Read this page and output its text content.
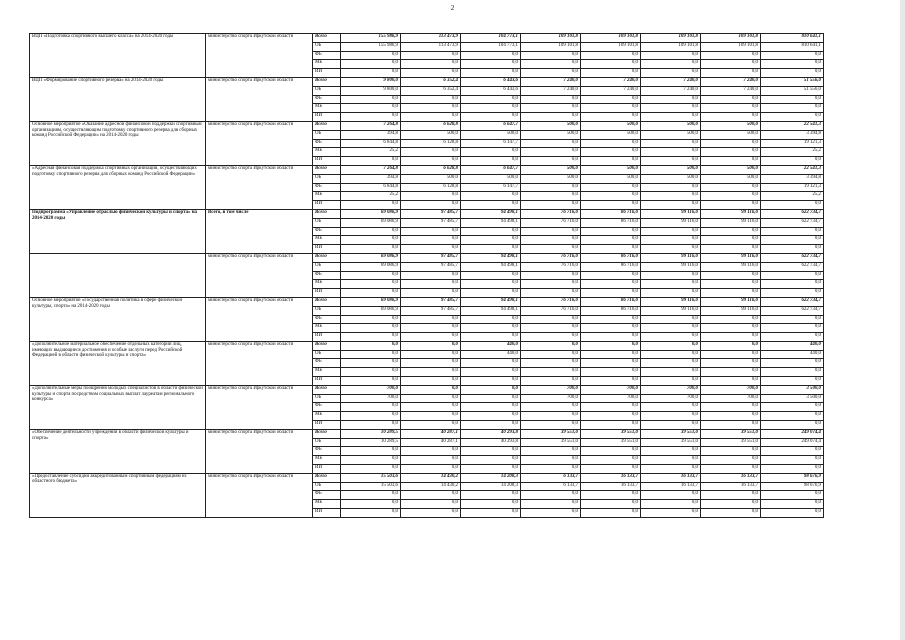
2
ВЦП «Подготовка спортивного высшего класса» на 2014-2020 годы	министерство спорта Иркутской области	Всего	155 986,9	113 473,9	104 773,1	109 101,8	109 101,8	109 101,8	109 101,8	810 641,1
		ОБ	155 986,9	113 473,9	104 773,1	109 101,8	109 101,8	109 101,8	109 101,8	810 641,1
		ФБ	0,0	0,0	0,0	0,0	0,0	0,0	0,0	0,0
		МБ	0,0	0,0	0,0	0,0	0,0	0,0	0,0	0,0
		ИИ	0,0	0,0	0,0	0,0	0,0	0,0	0,0	0,0
ВЦП «Формирование спортивного резерва» на 2014-2020 годы	министерство спорта Иркутской области	Всего	9 800,0	6 352,4	6 443,6	7 240,0	7 240,0	7 240,0	7 240,0	51 556,0
		ОБ	9 800,0	6 352,4	6 443,6	7 240,0	7 240,0	7 240,0	7 240,0	51 556,0
		ФБ	0,0	0,0	0,0	0,0	0,0	0,0	0,0	0,0
		МБ	0,0	0,0	0,0	0,0	0,0	0,0	0,0	0,0
		ИИ	0,0	0,0	0,0	0,0	0,0	0,0	0,0	0,0
Основное мероприятие «Оказание адресной финансовой поддержки спортивным организациям, осуществляющим подготовку спортивного резерва для сборных команд Российской Федерации» на 2014-2020 годы	министерство спорта Иркутской области	Всего	7 264,8	6 628,8	6 647,7	500,0	500,0	500,0	500,0	22 541,3
		ОБ	394,8	500,0	500,0	500,0	500,0	500,0	500,0	3 394,8
		ФБ	6 844,8	6 128,8	6 147,7	0,0	0,0	0,0	0,0	19 121,3
		МБ	25,2	0,0	0,0	0,0	0,0	0,0	0,0	25,2
		ИИ	0,0	0,0	0,0	0,0	0,0	0,0	0,0	0,0
«Адресная финансовая поддержка спортивных организаций, осуществляющих подготовку спортивного резерва для сборных команд Российской Федерации»	министерство спорта Иркутской области	Всего	7 264,8	6 628,8	6 647,7	500,0	500,0	500,0	500,0	22 541,3
		ОБ	394,8	500,0	500,0	500,0	500,0	500,0	500,0	3 394,8
		ФБ	6 844,8	6 128,8	6 147,7	0,0	0,0	0,0	0,0	19 121,3
		МБ	25,2	0,0	0,0	0,0	0,0	0,0	0,0	25,2
		ИИ	0,0	0,0	0,0	0,0	0,0	0,0	0,0	0,0
Подпрограмма «Управление отраслью физической культуры и спорта» на 2014-2020 годы	Всего, в том числе	Всего	69 086,9	97 485,7	94 498,1	76 716,0	86 716,0	99 116,0	99 116,0	622 734,7
		ОБ	69 086,9	97 485,7	94 498,1	76 716,0	86 716,0	99 116,0	99 116,0	622 734,7
		ФБ	0,0	0,0	0,0	0,0	0,0	0,0	0,0	0,0
		МБ	0,0	0,0	0,0	0,0	0,0	0,0	0,0	0,0
		ИИ	0,0	0,0	0,0	0,0	0,0	0,0	0,0	0,0
	министерство спорта Иркутской области	Всего	69 086,9	97 485,7	94 498,1	76 716,0	86 716,0	99 116,0	99 116,0	622 734,7
		ОБ	69 086,9	97 485,7	94 498,1	76 716,0	86 716,0	99 116,0	99 116,0	622 734,7
		ФБ	0,0	0,0	0,0	0,0	0,0	0,0	0,0	0,0
		МБ	0,0	0,0	0,0	0,0	0,0	0,0	0,0	0,0
		ИИ	0,0	0,0	0,0	0,0	0,0	0,0	0,0	0,0
Основное мероприятие «Государственная политика в сфере физической культуры, спорта» на 2014-2020 годы	министерство спорта Иркутской области	Всего	69 086,9	97 485,7	94 498,1	76 716,0	86 716,0	99 116,0	99 116,0	622 734,7
		ОБ	69 086,9	97 485,7	94 498,1	76 716,0	86 716,0	99 116,0	99 116,0	622 734,7
		ФБ	0,0	0,0	0,0	0,0	0,0	0,0	0,0	0,0
		МБ	0,0	0,0	0,0	0,0	0,0	0,0	0,0	0,0
		ИИ	0,0	0,0	0,0	0,0	0,0	0,0	0,0	0,0
«Дополнительное материальное обеспечение отдельных категорий лиц, имеющих выдающиеся достижения и особые заслуги перед Российской Федерацией в области физической культуры и спорта»	министерство спорта Иркутской области	Всего	0,0	0,0	440,0	0,0	0,0	0,0	0,0	440,0
		ОБ	0,0	0,0	440,0	0,0	0,0	0,0	0,0	440,0
		ФБ	0,0	0,0	0,0	0,0	0,0	0,0	0,0	0,0
		МБ	0,0	0,0	0,0	0,0	0,0	0,0	0,0	0,0
		ИИ	0,0	0,0	0,0	0,0	0,0	0,0	0,0	0,0
«Дополнительные меры поощрения молодых специалистов в области физической культуры и спорта посредством социальных выплат лауреатам регионального конкурса»	министерство спорта Иркутской области	Всего	700,0	0,0	0,0	700,0	700,0	700,0	700,0	3 500,0
		ОБ	700,0	0,0	0,0	700,0	700,0	700,0	700,0	3 500,0
		ФБ	0,0	0,0	0,0	0,0	0,0	0,0	0,0	0,0
		МБ	0,0	0,0	0,0	0,0	0,0	0,0	0,0	0,0
		ИИ	0,0	0,0	0,0	0,0	0,0	0,0	0,0	0,0
«Обеспечение деятельности учреждений в области физической культуры и спорта»	министерство спорта Иркутской области	Всего	10 289,5	40 287,1	40 293,8	39 551,0	39 551,0	39 551,0	39 551,0	249 074,4
		ОБ	10 289,5	40 287,1	40 293,8	39 551,0	39 551,0	39 551,0	39 551,0	249 074,4
		ФБ	0,0	0,0	0,0	0,0	0,0	0,0	0,0	0,0
		МБ	0,0	0,0	0,0	0,0	0,0	0,0	0,0	0,0
		ИИ	0,0	0,0	0,0	0,0	0,0	0,0	0,0	0,0
«Предоставление субсидий аккредитованным спортивным федерациям из областного бюджета»	министерство спорта Иркутской области	Всего	15 503,6	14 430,2	14 208,3	6 133,7	16 133,7	16 133,7	16 133,7	98 676,9
		ОБ	15 503,6	14 430,2	14 208,3	6 133,7	16 133,7	16 133,7	16 133,7	98 676,9
		ФБ	0,0	0,0	0,0	0,0	0,0	0,0	0,0	0,0
		МБ	0,0	0,0	0,0	0,0	0,0	0,0	0,0	0,0
		ИИ	0,0	0,0	0,0	0,0	0,0	0,0	0,0	0,0
